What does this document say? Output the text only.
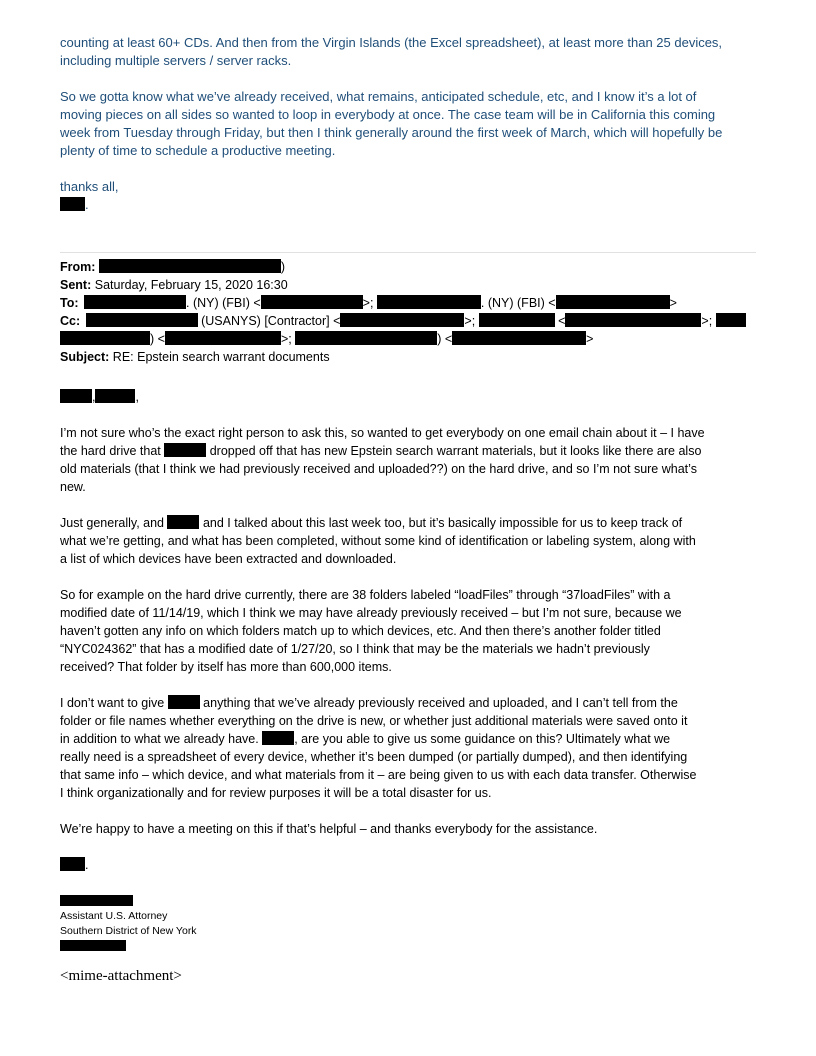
counting at least 60+ CDs. And then from the Virgin Islands (the Excel spreadsheet), at least more than 25 devices,
including multiple servers / server racks.
So we gotta know what we’ve already received, what remains, anticipated schedule, etc, and I know it’s a lot of
moving pieces on all sides so wanted to loop in everybody at once. The case team will be in California this coming
week from Tuesday through Friday, but then I think generally around the first week of March, which will hopefully be
plenty of time to schedule a productive meeting.
thanks all,
.
From:	)
Sent: Saturday, February 15, 2020 16:30
To:	. (NY) (FBI) <	>;	. (NY) (FBI) <	>
Cc:	(USANYS) [Contractor] <	>;	<	>;
) <	>;	) <	>
Subject: RE: Epstein search warrant documents
,	,
I’m not sure who’s the exact right person to ask this, so wanted to get everybody on one email chain about it – I have
the hard drive that	dropped off that has new Epstein search warrant materials, but it looks like there are also
old materials (that I think we had previously received and uploaded??) on the hard drive, and so I’m not sure what’s
new.
Just generally, and	and I talked about this last week too, but it’s basically impossible for us to keep track of
what we’re getting, and what has been completed, without some kind of identification or labeling system, along with
a list of which devices have been extracted and downloaded.
So for example on the hard drive currently, there are 38 folders labeled “loadFiles” through “37loadFiles” with a
modified date of 11/14/19, which I think we may have already previously received – but I’m not sure, because we
haven’t gotten any info on which folders match up to which devices, etc. And then there’s another folder titled
“NYC024362” that has a modified date of 1/27/20, so I think that may be the materials we hadn’t previously
received? That folder by itself has more than 600,000 items.
I don’t want to give	anything that we’ve already previously received and uploaded, and I can’t tell from the
folder or file names whether everything on the drive is new, or whether just additional materials were saved onto it
in addition to what we already have.	, are you able to give us some guidance on this? Ultimately what we
really need is a spreadsheet of every device, whether it’s been dumped (or partially dumped), and then identifying
that same info – which device, and what materials from it – are being given to us with each data transfer. Otherwise
I think organizationally and for review purposes it will be a total disaster for us.
We’re happy to have a meeting on this if that’s helpful – and thanks everybody for the assistance.
.
Assistant U.S. Attorney
Southern District of New York
<mime-attachment>
